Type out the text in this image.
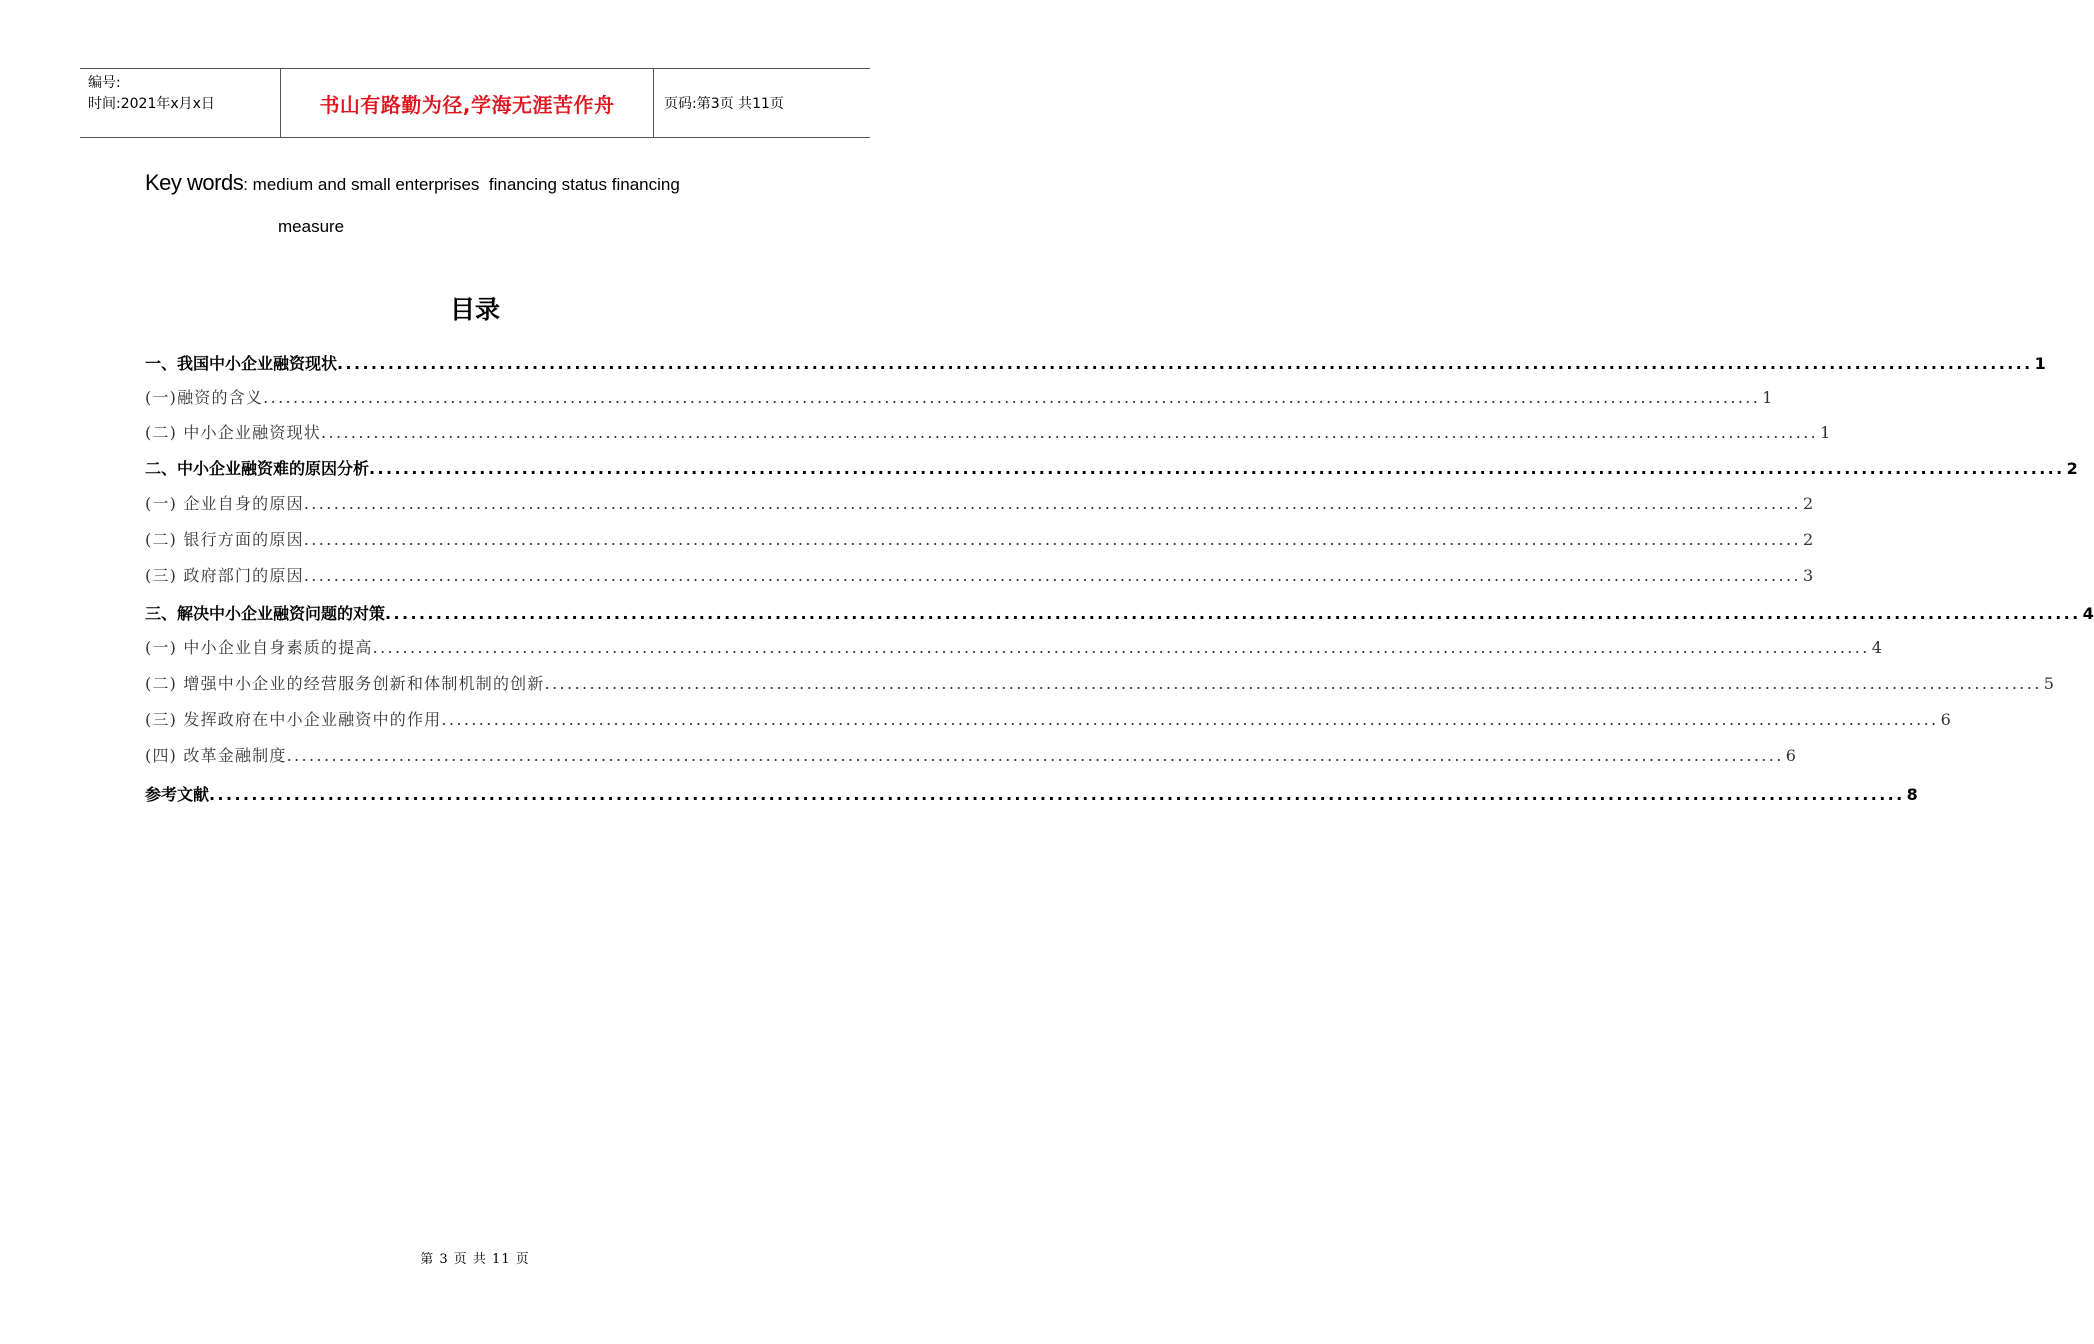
编号:
时间:2021年x月x日	书山有路勤为径,学海无涯苦作舟	页码:第3页 共11页
Key words: medium and small enterprises  financing status financing
measure
目录
一、我国中小企业融资现状 ........................................................................................................................................................................................................ 1
(一)融资的含义 ........................................................................................................................................................................................................ 1
(二) 中小企业融资现状 ........................................................................................................................................................................................................ 1
二、中小企业融资难的原因分析 ........................................................................................................................................................................................................ 2
(一) 企业自身的原因 ........................................................................................................................................................................................................ 2
(二) 银行方面的原因 ........................................................................................................................................................................................................ 2
(三) 政府部门的原因 ........................................................................................................................................................................................................ 3
三、解决中小企业融资问题的对策 ........................................................................................................................................................................................................ 4
(一) 中小企业自身素质的提高 ........................................................................................................................................................................................................ 4
(二) 增强中小企业的经营服务创新和体制机制的创新 ........................................................................................................................................................................................................ 5
(三) 发挥政府在中小企业融资中的作用 ........................................................................................................................................................................................................ 6
(四) 改革金融制度 ........................................................................................................................................................................................................ 6
参考文献 ........................................................................................................................................................................................................ 8
第 3 页 共 11 页
